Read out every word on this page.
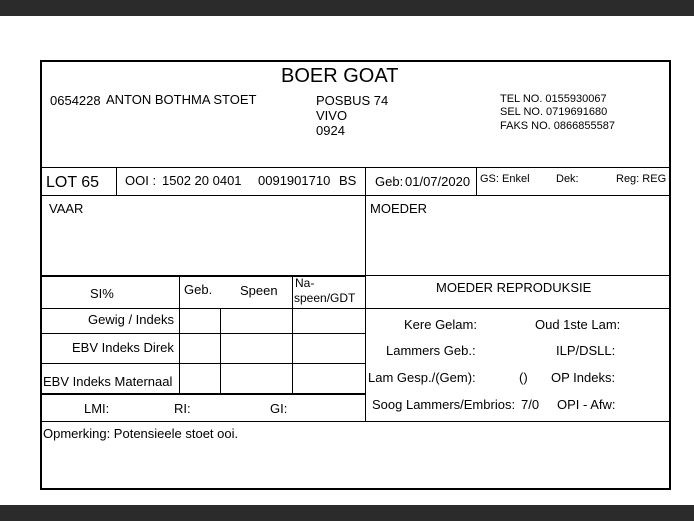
BOER GOAT
0654228 ANTON BOTHMA STOET	POSBUS 74
VIVO
0924
TEL NO. 0155930067
SEL NO. 0719691680
FAKS NO. 0866855587
LOT 65 OOI : 1502 20 0401 0091901710 BS Geb: 01/07/2020 GS: Enkel Dek:	Reg: REG
VAAR	MOEDER
SI%	Geb. Speen Na-
speen/GDT
Gewig / Indeks
EBV Indeks Direk
EBV Indeks Maternaal
MOEDER REPRODUKSIE
Kere Gelam:	Oud 1ste Lam:
Lammers Geb.:	ILP/DSLL:
Lam Gesp./(Gem):	() OP Indeks:
Soog Lammers/Embrios: 7/0 OPI - Afw:
LMI:	RI:	GI:
Opmerking: Potensieele stoet ooi.
